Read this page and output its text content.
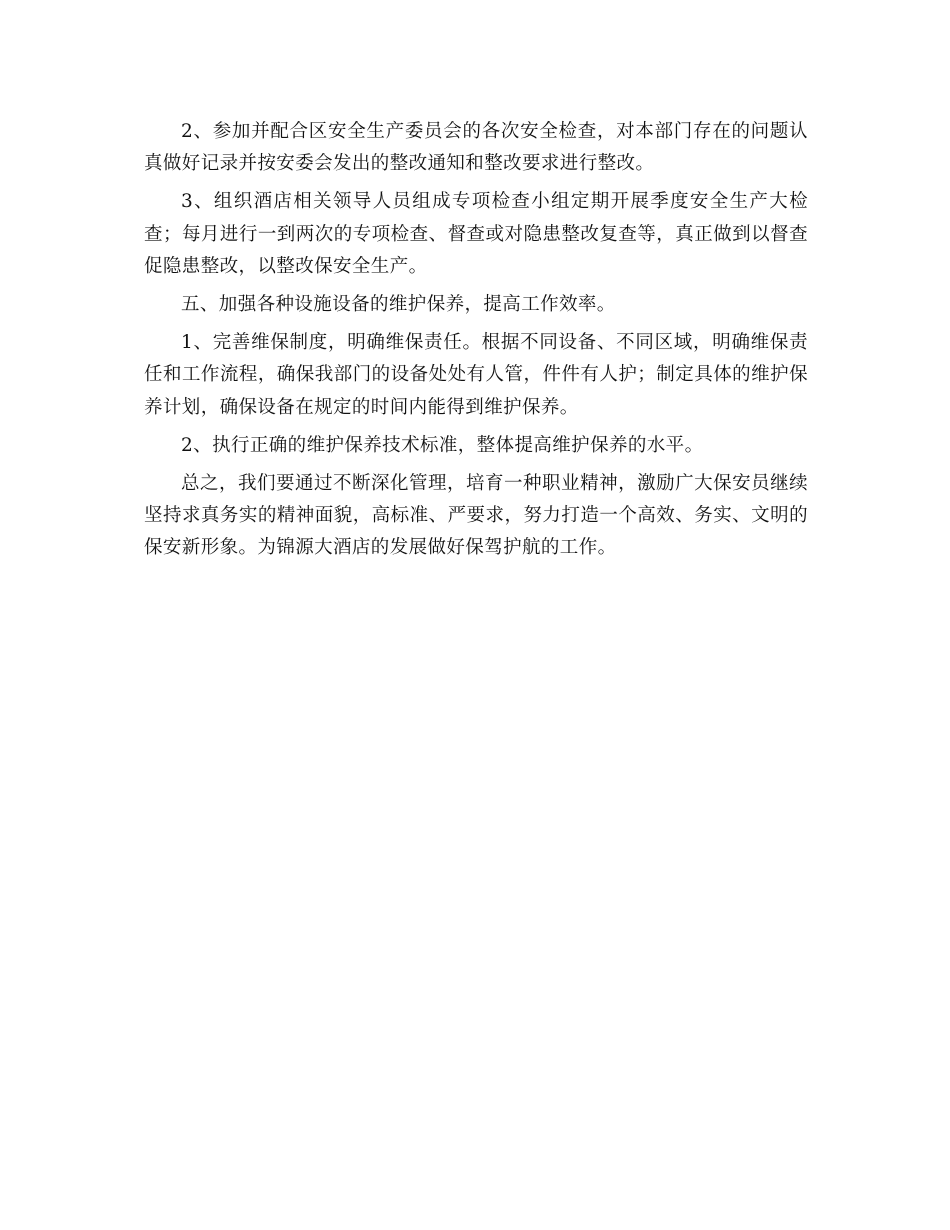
2、参加并配合区安全生产委员会的各次安全检查，对本部门存在的问题认真做好记录并按安委会发出的整改通知和整改要求进行整改。

3、组织酒店相关领导人员组成专项检查小组定期开展季度安全生产大检查；每月进行一到两次的专项检查、督查或对隐患整改复查等，真正做到以督查促隐患整改，以整改保安全生产。

五、加强各种设施设备的维护保养，提高工作效率。

1、完善维保制度，明确维保责任。根据不同设备、不同区域，明确维保责任和工作流程，确保我部门的设备处处有人管，件件有人护；制定具体的维护保养计划，确保设备在规定的时间内能得到维护保养。

2、执行正确的维护保养技术标准，整体提高维护保养的水平。

总之，我们要通过不断深化管理，培育一种职业精神，激励广大保安员继续坚持求真务实的精神面貌，高标准、严要求，努力打造一个高效、务实、文明的保安新形象。为锦源大酒店的发展做好保驾护航的工作。
